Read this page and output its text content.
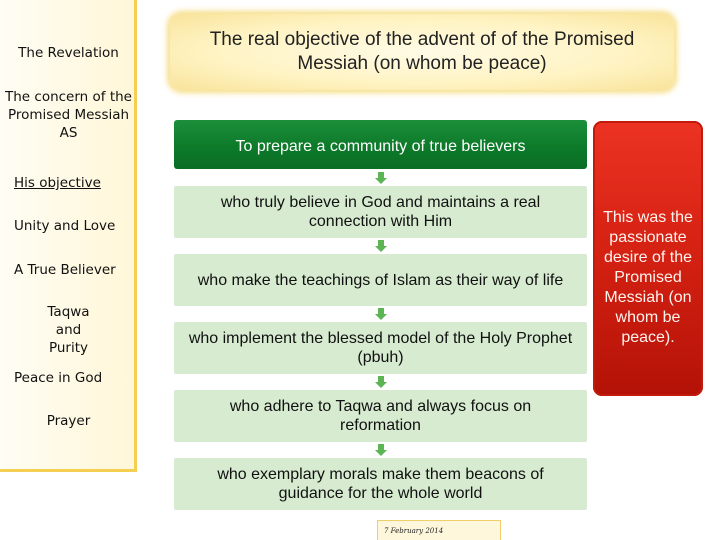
The Revelation
The concern of the Promised Messiah AS
His objective
Unity and Love
A True Believer
Taqwa and Purity
Peace in God
Prayer
The real objective of the advent of of the Promised Messiah (on whom be peace)
To prepare a community of true believers
who truly believe in God and maintains a real connection with Him
who make the teachings of Islam as their way of life
who implement the blessed model of the Holy Prophet (pbuh)
who adhere to Taqwa and always focus on reformation
who exemplary morals make them beacons of guidance for the whole world
This was the passionate desire of the Promised Messiah (on whom be peace).
7 February 2014
